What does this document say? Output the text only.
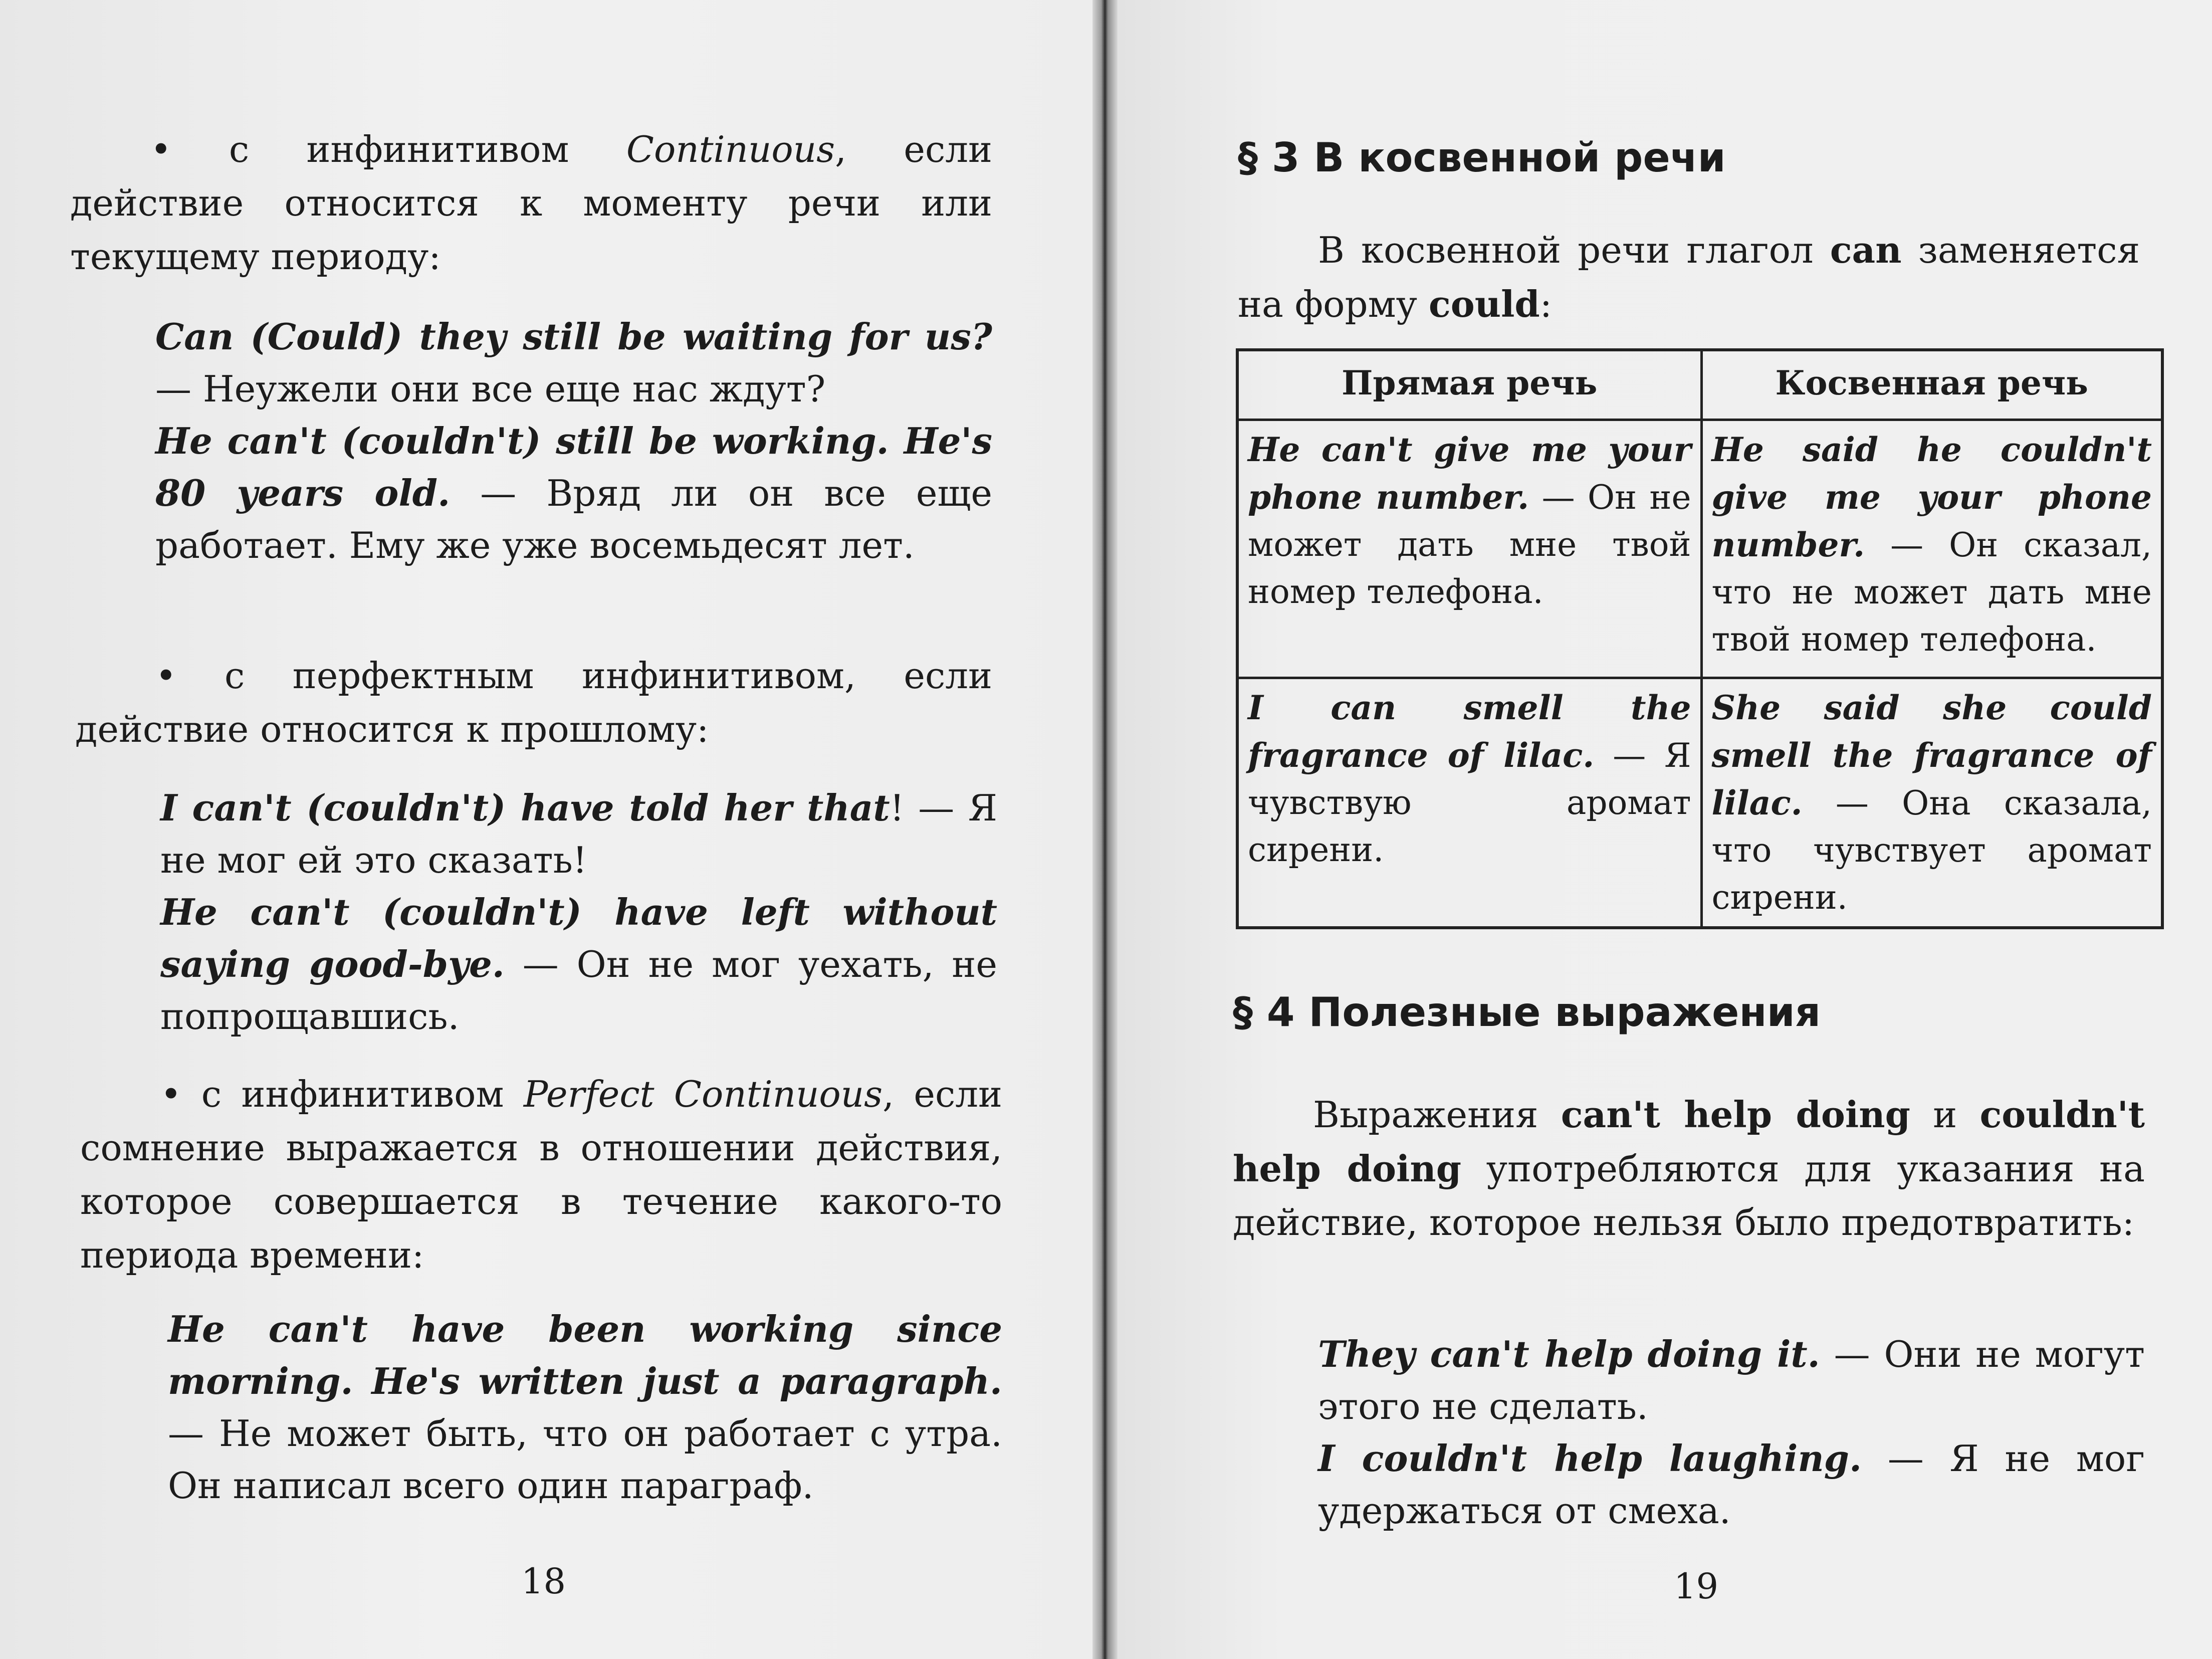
• с инфинитивом Continuous, если действие относится к моменту речи или текущему периоду:

Can (Could) they still be waiting for us? — Неужели они все еще нас ждут?

He can't (couldn't) still be working. He's 80 years old. — Вряд ли он все еще работает. Ему же уже восемьдесят лет.

• с перфектным инфинитивом, если действие относится к прошлому:

I can't (couldn't) have told her that! — Я не мог ей это сказать!

He can't (couldn't) have left without saying good-bye. — Он не мог уехать, не попрощавшись.

• с инфинитивом Perfect Continuous, если сомнение выражается в отношении действия, которое совершается в течение какого-то периода времени:

He can't have been working since morning. He's written just a paragraph. — Не может быть, что он работает с утра. Он написал всего один параграф.

18
§ 3 В косвенной речи

В косвенной речи глагол can заменяется на форму could:

Прямая речь	Косвенная речь
He can't give me your phone number. — Он не может дать мне твой номер телефона.	He said he couldn't give me your phone number. — Он сказал, что не может дать мне твой номер телефона.
I can smell the fragrance of lilac. — Я чувствую аромат сирени.	She said she could smell the fragrance of lilac. — Она сказала, что чувствует аромат сирени.
§ 4 Полезные выражения

Выражения can't help doing и couldn't help doing употребляются для указания на действие, которое нельзя было предотвратить:

They can't help doing it. — Они не могут этого не сделать.

I couldn't help laughing. — Я не мог удержаться от смеха.

19
